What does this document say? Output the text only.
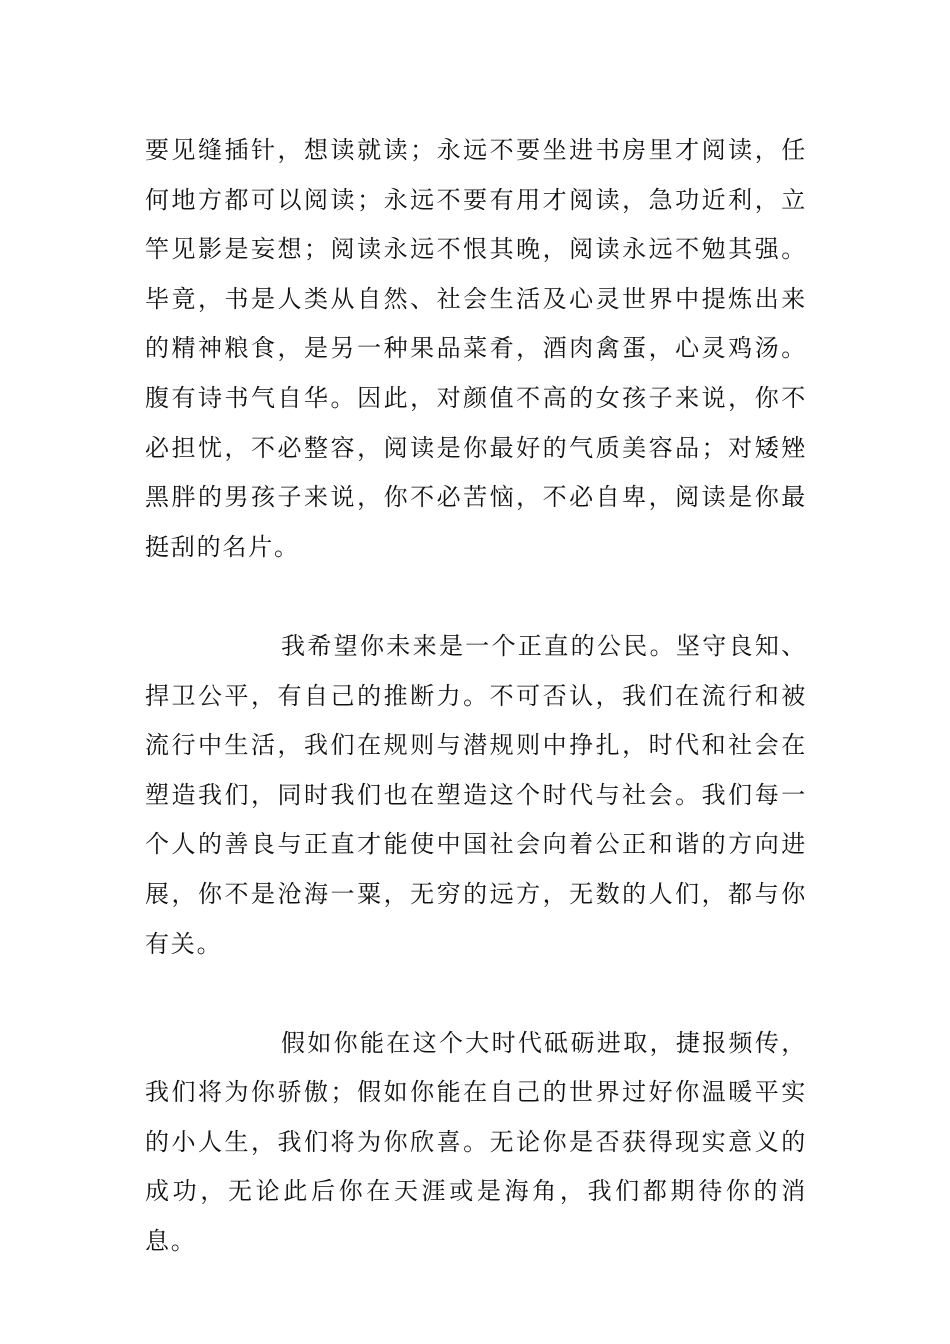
要见缝插针，想读就读；永远不要坐进书房里才阅读，任何地方都可以阅读；永远不要有用才阅读，急功近利，立竿见影是妄想；阅读永远不恨其晚，阅读永远不勉其强。毕竟，书是人类从自然、社会生活及心灵世界中提炼出来的精神粮食，是另一种果品菜肴，酒肉禽蛋，心灵鸡汤。腹有诗书气自华。因此，对颜值不高的女孩子来说，你不必担忧，不必整容，阅读是你最好的气质美容品；对矮矬黑胖的男孩子来说，你不必苦恼，不必自卑，阅读是你最挺刮的名片。

我希望你未来是一个正直的公民。坚守良知、捍卫公平，有自己的推断力。不可否认，我们在流行和被流行中生活，我们在规则与潜规则中挣扎，时代和社会在塑造我们，同时我们也在塑造这个时代与社会。我们每一个人的善良与正直才能使中国社会向着公正和谐的方向进展，你不是沧海一粟，无穷的远方，无数的人们，都与你有关。

假如你能在这个大时代砥砺进取，捷报频传，我们将为你骄傲；假如你能在自己的世界过好你温暖平实的小人生，我们将为你欣喜。无论你是否获得现实意义的成功，无论此后你在天涯或是海角，我们都期待你的消息。
